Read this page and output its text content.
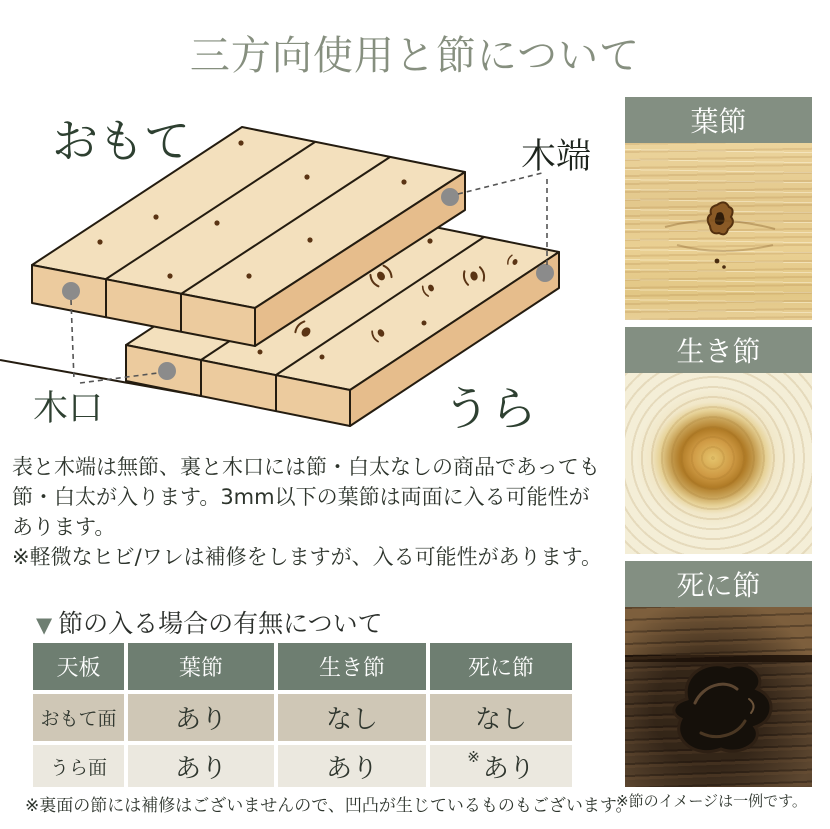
三方向使用と節について
おもて	木端
木口	うら
表と木端は無節、裏と木口には節・白太なしの商品であっても
節・白太が入ります。3mm以下の葉節は両面に入る可能性が
あります。
※軽微なヒビ/ワレは補修をしますが、入る可能性があります。
▼ 節の入る場合の有無について
天板	葉節	生き節	死に節
おもて面	あり	なし	なし
うら面	あり	あり	※ あり
※裏面の節には補修はございませんので、凹凸が生じているものもございます。
葉節
生き節
死に節
※節のイメージは一例です。
